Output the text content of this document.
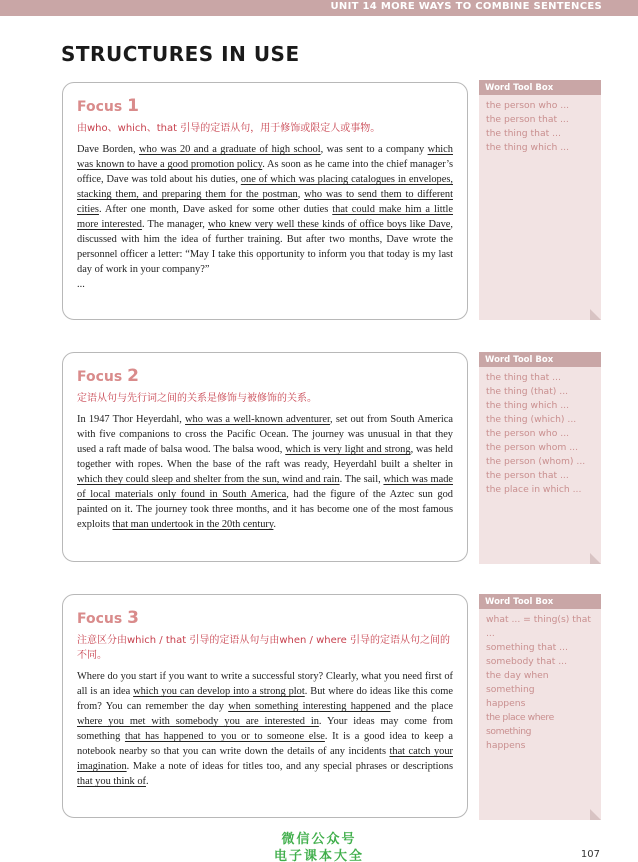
UNIT 14 MORE WAYS TO COMBINE SENTENCES
STRUCTURES IN USE
Focus 1
由who、which、that 引导的定语从句，用于修饰或限定人或事物。
Dave Borden, who was 20 and a graduate of high school, was sent to a company which was known to have a good promotion policy. As soon as he came into the chief manager’s office, Dave was told about his duties, one of which was placing catalogues in envelopes, stacking them, and preparing them for the postman, who was to send them to different cities. After one month, Dave asked for some other duties that could make him a little more interested. The manager, who knew very well these kinds of office boys like Dave, discussed with him the idea of further training. But after two months, Dave wrote the personnel officer a letter: “May I take this opportunity to inform you that today is my last day of work in your company?”
...
Word Tool Box
the person who ...
the person that ...
the thing that ...
the thing which ...
Focus 2
定语从句与先行词之间的关系是修饰与被修饰的关系。
In 1947 Thor Heyerdahl, who was a well-known adventurer, set out from South America with five companions to cross the Pacific Ocean. The journey was unusual in that they used a raft made of balsa wood. The balsa wood, which is very light and strong, was held together with ropes. When the base of the raft was ready, Heyerdahl built a shelter in which they could sleep and shelter from the sun, wind and rain. The sail, which was made of local materials only found in South America, had the figure of the Aztec sun god painted on it. The journey took three months, and it has become one of the most famous exploits that man undertook in the 20th century.
Word Tool Box
the thing that ...
the thing (that) ...
the thing which ...
the thing (which) ...
the person who ...
the person whom ...
the person (whom) ...
the person that ...
the place in which ...
Focus 3
注意区分由which / that 引导的定语从句与由when / where 引导的定语从句之间的不同。
Where do you start if you want to write a successful story? Clearly, what you need first of all is an idea which you can develop into a strong plot. But where do ideas like this come from? You can remember the day when something interesting happened and the place where you met with somebody you are interested in. Your ideas may come from something that has happened to you or to someone else. It is a good idea to keep a notebook nearby so that you can write down the details of any incidents that catch your imagination. Make a note of ideas for titles too, and any special phrases or descriptions that you think of.
Word Tool Box
what ... = thing(s) that ...
something that ...
somebody that ...
the day when something
happens
the place where something
happens
微信公众号
电子课本大全	107
